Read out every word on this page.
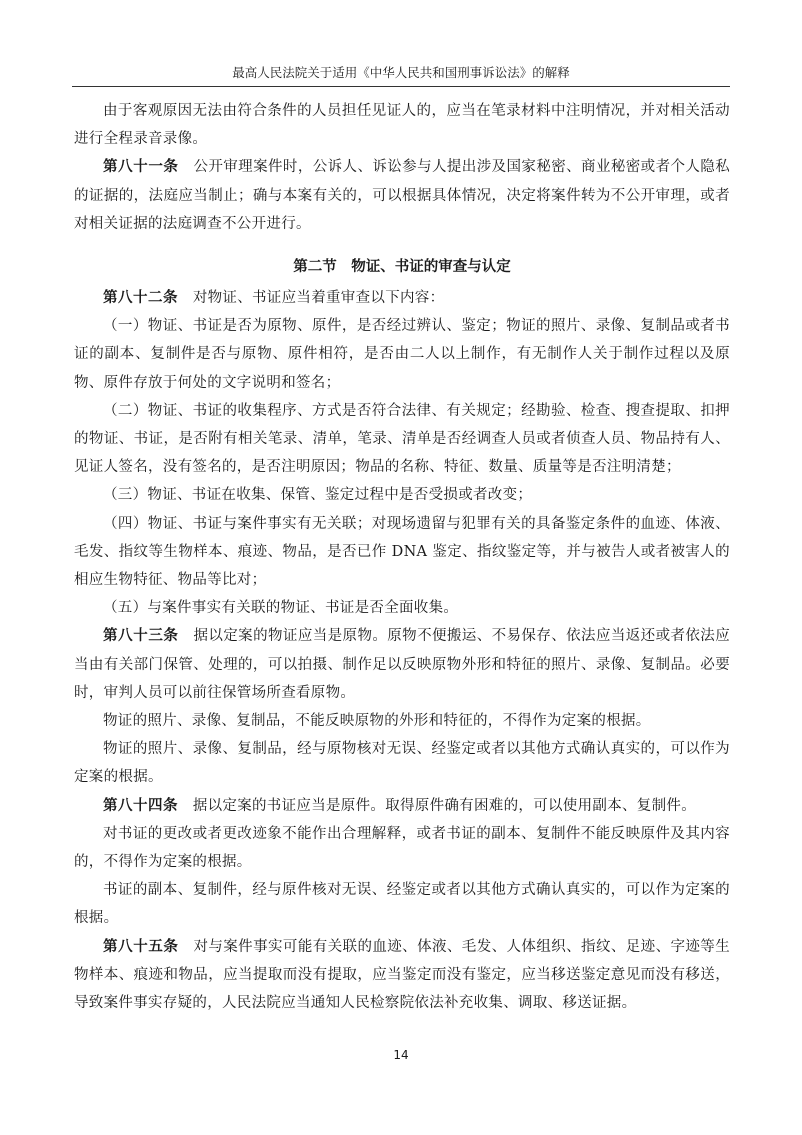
最高人民法院关于适用《中华人民共和国刑事诉讼法》的解释

由于客观原因无法由符合条件的人员担任见证人的，应当在笔录材料中注明情况，并对相关活动进行全程录音录像。

第八十一条  公开审理案件时，公诉人、诉讼参与人提出涉及国家秘密、商业秘密或者个人隐私的证据的，法庭应当制止；确与本案有关的，可以根据具体情况，决定将案件转为不公开审理，或者对相关证据的法庭调查不公开进行。

第二节　物证、书证的审查与认定

第八十二条  对物证、书证应当着重审查以下内容：

（一）物证、书证是否为原物、原件，是否经过辨认、鉴定；物证的照片、录像、复制品或者书证的副本、复制件是否与原物、原件相符，是否由二人以上制作，有无制作人关于制作过程以及原物、原件存放于何处的文字说明和签名；

（二）物证、书证的收集程序、方式是否符合法律、有关规定；经勘验、检查、搜查提取、扣押的物证、书证，是否附有相关笔录、清单，笔录、清单是否经调查人员或者侦查人员、物品持有人、见证人签名，没有签名的，是否注明原因；物品的名称、特征、数量、质量等是否注明清楚；

（三）物证、书证在收集、保管、鉴定过程中是否受损或者改变；

（四）物证、书证与案件事实有无关联；对现场遗留与犯罪有关的具备鉴定条件的血迹、体液、毛发、指纹等生物样本、痕迹、物品，是否已作 DNA 鉴定、指纹鉴定等，并与被告人或者被害人的相应生物特征、物品等比对；

（五）与案件事实有关联的物证、书证是否全面收集。

第八十三条  据以定案的物证应当是原物。原物不便搬运、不易保存、依法应当返还或者依法应当由有关部门保管、处理的，可以拍摄、制作足以反映原物外形和特征的照片、录像、复制品。必要时，审判人员可以前往保管场所查看原物。

物证的照片、录像、复制品，不能反映原物的外形和特征的，不得作为定案的根据。

物证的照片、录像、复制品，经与原物核对无误、经鉴定或者以其他方式确认真实的，可以作为定案的根据。

第八十四条  据以定案的书证应当是原件。取得原件确有困难的，可以使用副本、复制件。

对书证的更改或者更改迹象不能作出合理解释，或者书证的副本、复制件不能反映原件及其内容的，不得作为定案的根据。

书证的副本、复制件，经与原件核对无误、经鉴定或者以其他方式确认真实的，可以作为定案的根据。

第八十五条  对与案件事实可能有关联的血迹、体液、毛发、人体组织、指纹、足迹、字迹等生物样本、痕迹和物品，应当提取而没有提取，应当鉴定而没有鉴定，应当移送鉴定意见而没有移送，导致案件事实存疑的，人民法院应当通知人民检察院依法补充收集、调取、移送证据。

14
